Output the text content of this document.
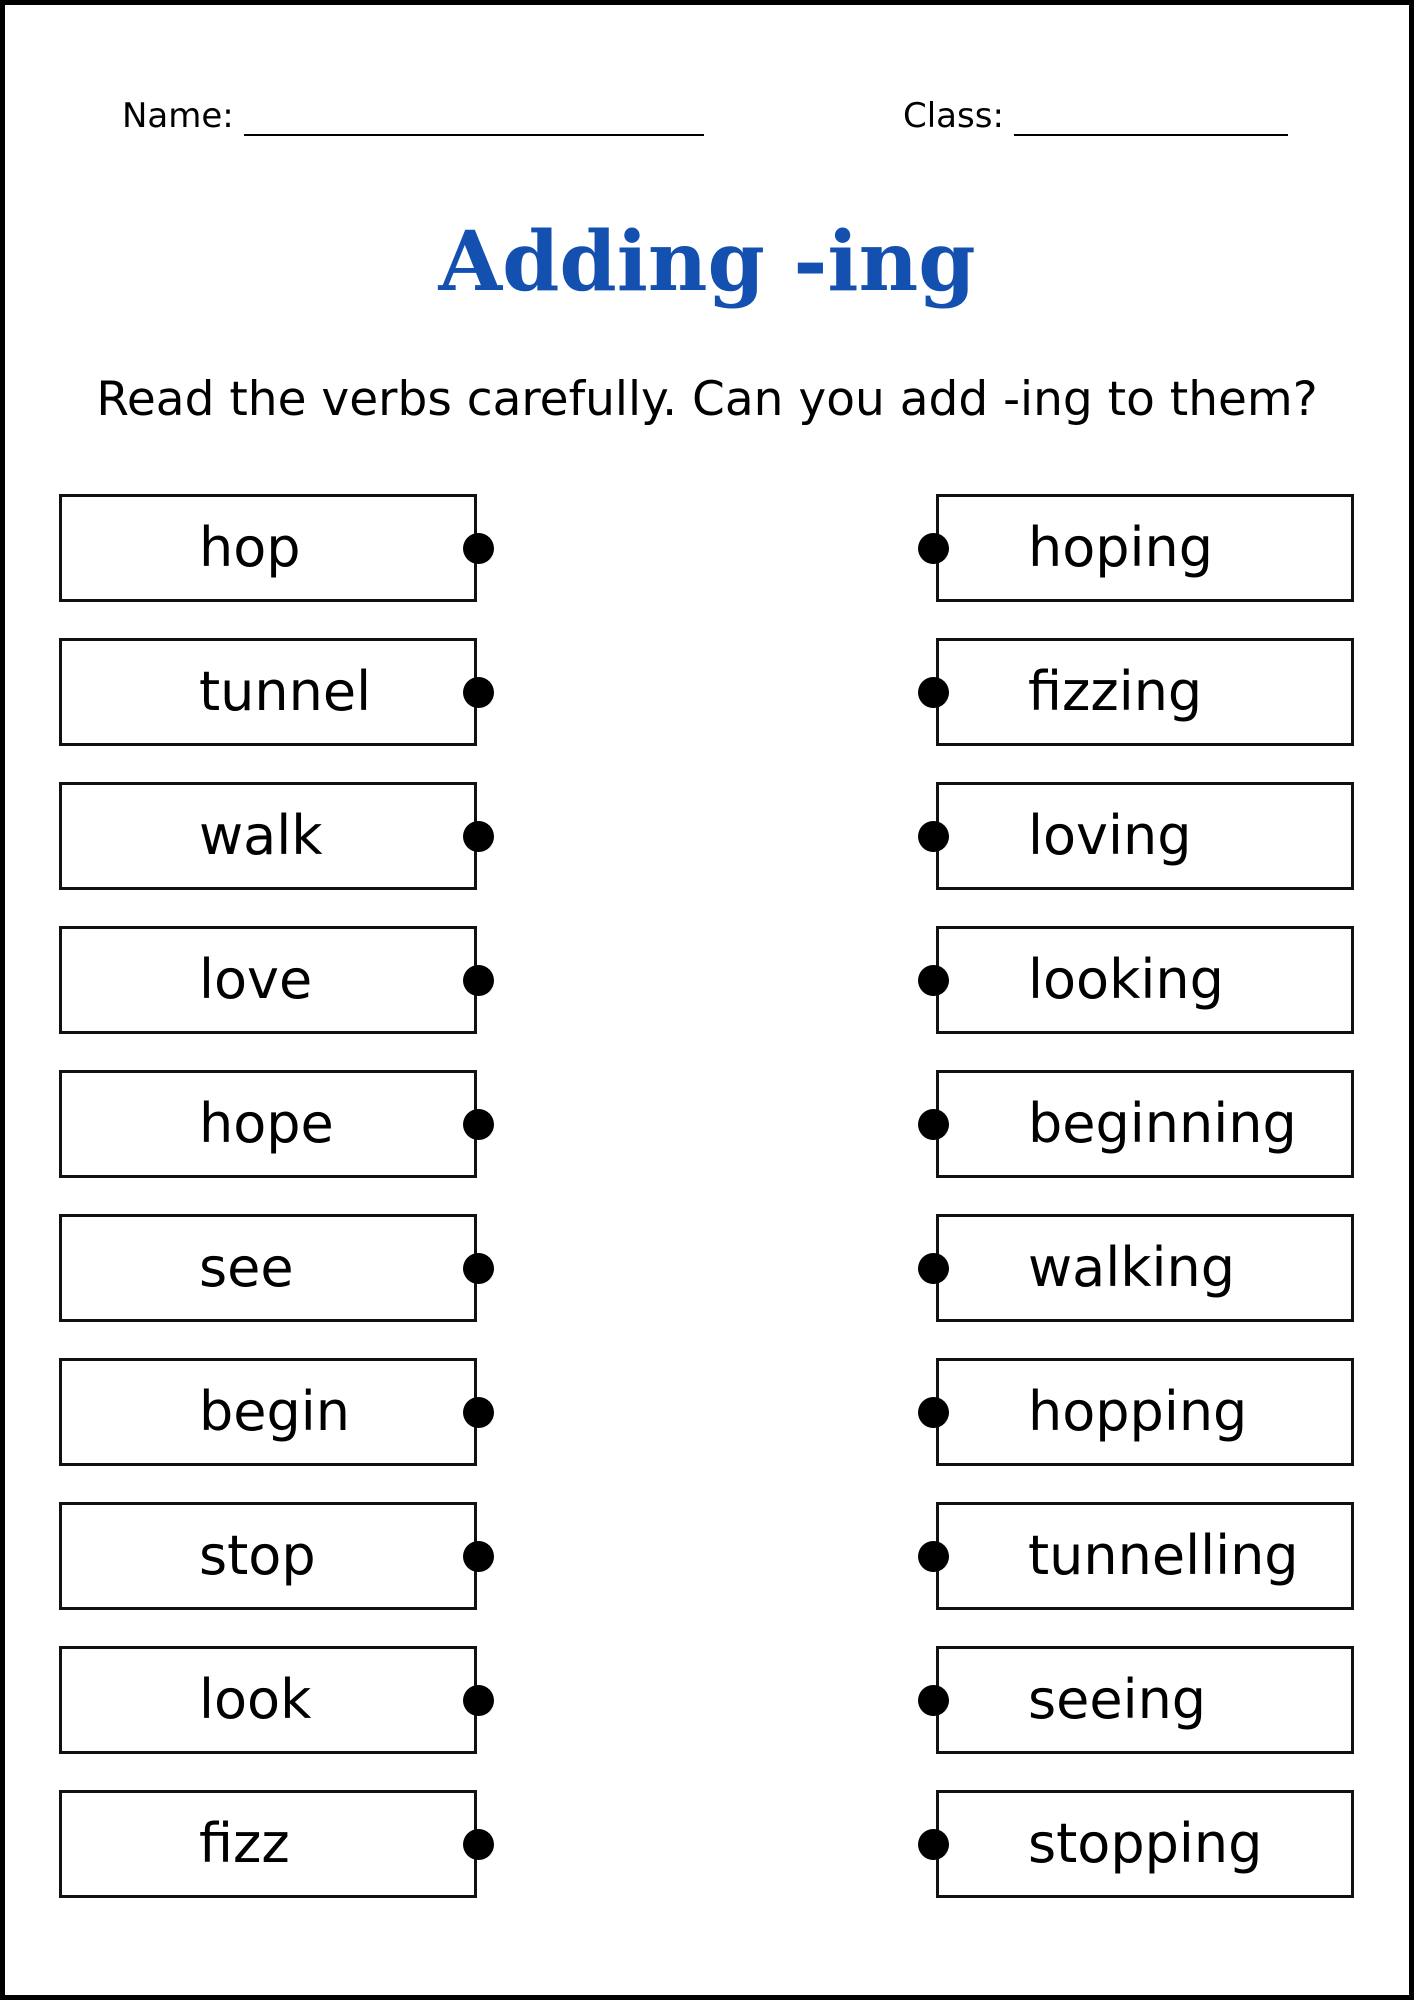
Name:	Class:
Adding -ing

Read the verbs carefully. Can you add -ing to them?

hop
tunnel
walk
love
hope
see
begin
stop
look
fizz
hoping
fizzing
loving
looking
beginning
walking
hopping
tunnelling
seeing
stopping
